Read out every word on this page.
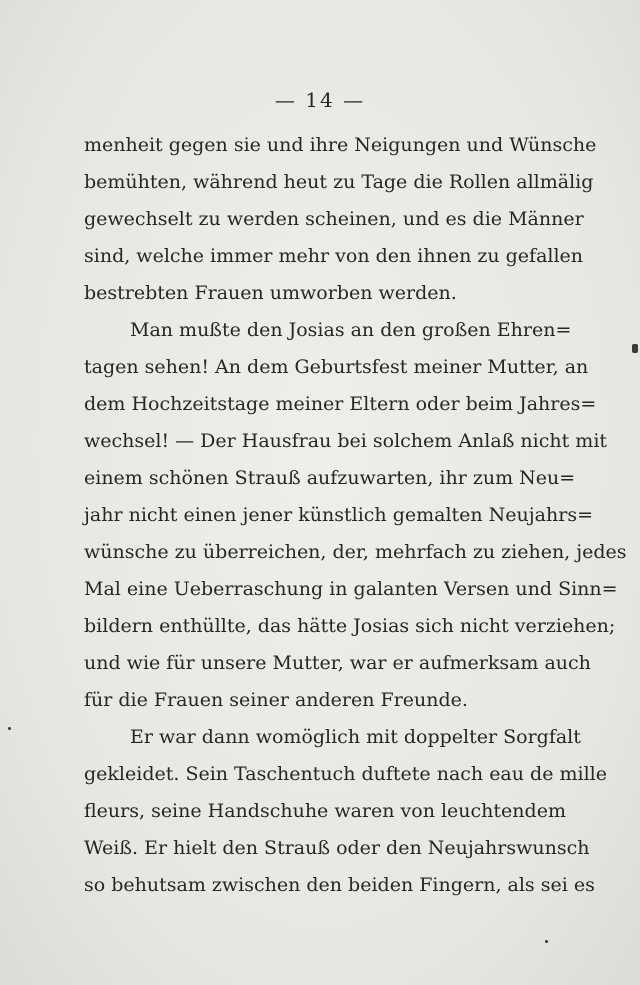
— 14 —
menheit gegen sie und ihre Neigungen und Wünsche
bemühten, während heut zu Tage die Rollen allmälig
gewechselt zu werden scheinen, und es die Männer
sind, welche immer mehr von den ihnen zu gefallen
bestrebten Frauen umworben werden.
Man mußte den Josias an den großen Ehren=
tagen sehen! An dem Geburtsfest meiner Mutter, an
dem Hochzeitstage meiner Eltern oder beim Jahres=
wechsel! — Der Hausfrau bei solchem Anlaß nicht mit
einem schönen Strauß aufzuwarten, ihr zum Neu=
jahr nicht einen jener künstlich gemalten Neujahrs=
wünsche zu überreichen, der, mehrfach zu ziehen, jedes
Mal eine Ueberraschung in galanten Versen und Sinn=
bildern enthüllte, das hätte Josias sich nicht verziehen;
und wie für unsere Mutter, war er aufmerksam auch
für die Frauen seiner anderen Freunde.
Er war dann womöglich mit doppelter Sorgfalt
gekleidet. Sein Taschentuch duftete nach eau de mille
fleurs, seine Handschuhe waren von leuchtendem
Weiß. Er hielt den Strauß oder den Neujahrswunsch
so behutsam zwischen den beiden Fingern, als sei es
